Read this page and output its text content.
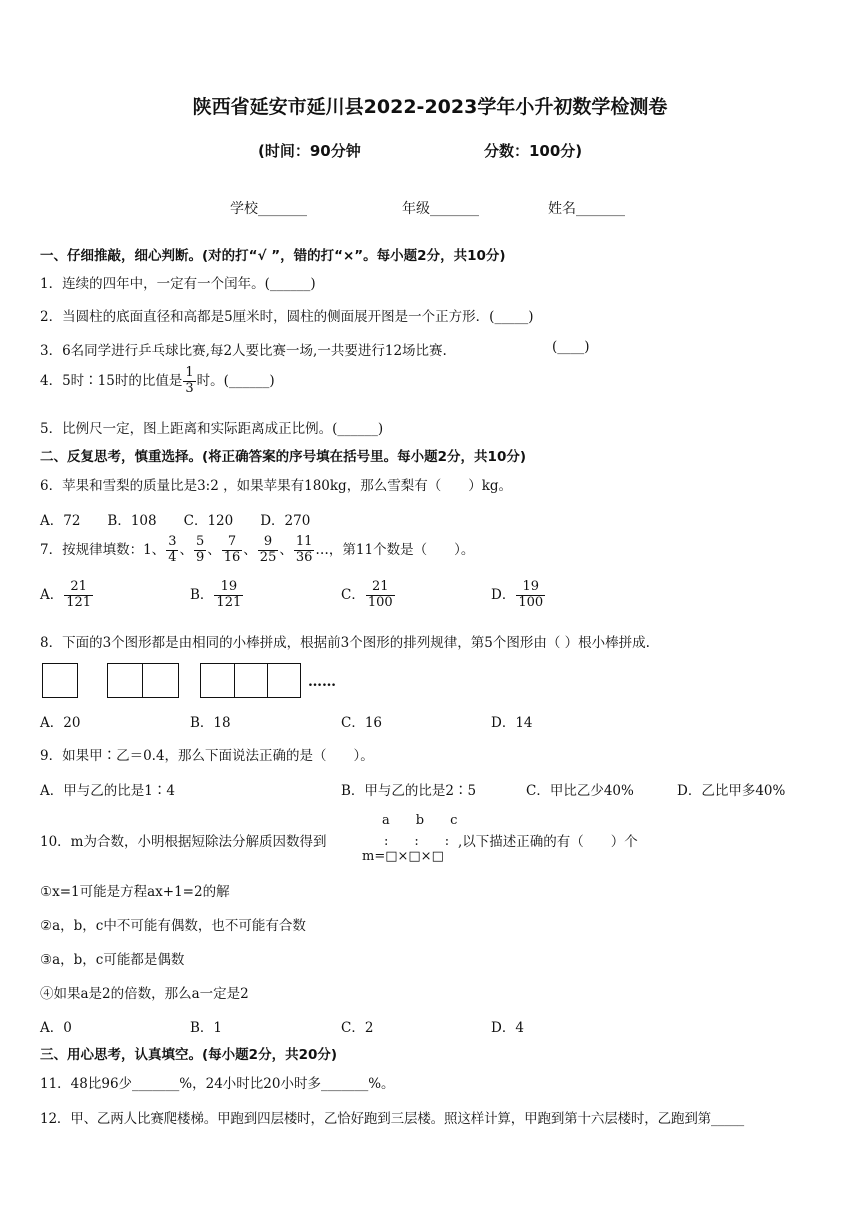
陕西省延安市延川县2022-2023学年小升初数学检测卷
(时间：90分钟	分数：100分)
学校_______	年级_______	姓名_______
一、仔细推敲，细心判断。(对的打“√ ”，错的打“×”。每小题2分，共10分)
1．连续的四年中，一定有一个闰年。(______)
2．当圆柱的底面直径和高都是5厘米时，圆柱的侧面展开图是一个正方形．(_____)
3．6名同学进行乒乓球比赛,每2人要比赛一场,一共要进行12场比赛.	(____)
4．5时∶15时的比值是 $\frac{1}{3}$ 时。(______)
5．比例尺一定，图上距离和实际距离成正比例。(______)
二、反复思考，慎重选择。(将正确答案的序号填在括号里。每小题2分，共10分)
6．苹果和雪梨的质量比是3:2 ，如果苹果有180kg，那么雪梨有（　　）kg。
A．72　　B．108　　C．120　　D．270
7．按规律填数：1、 $\frac{3}{4}$ 、 $\frac{5}{9}$ 、 $\frac{7}{16}$ 、 $\frac{9}{25}$ 、 $\frac{11}{36}$ …，第11个数是（　　）。
A． $\frac{21}{121}$	B． $\frac{19}{121}$	C． $\frac{21}{100}$	D． $\frac{19}{100}$
8．下面的3个图形都是由相同的小棒拼成，根据前3个图形的排列规律，第5个图形由（ ）根小棒拼成.
……
A．20	B．18	C．16	D．14
9．如果甲∶乙＝0.4，那么下面说法正确的是（　　）。
A．甲与乙的比是1∶4	B．甲与乙的比是2∶5	C．甲比乙少40%	D．乙比甲多40%
a　　b　　c
10．m为合数，小明根据短除法分解质因数得到	:　　:　　: ,以下描述正确的有（　　）个
m=□×□×□
①x=1可能是方程ax+1=2的解
②a，b，c中不可能有偶数，也不可能有合数
③a，b，c可能都是偶数
④如果a是2的倍数，那么a一定是2
A．0	B．1	C．2	D．4
三、用心思考，认真填空。(每小题2分，共20分)
11．48比96少_______%，24小时比20小时多_______%。
12．甲、乙两人比赛爬楼梯。甲跑到四层楼时，乙恰好跑到三层楼。照这样计算，甲跑到第十六层楼时，乙跑到第_____
